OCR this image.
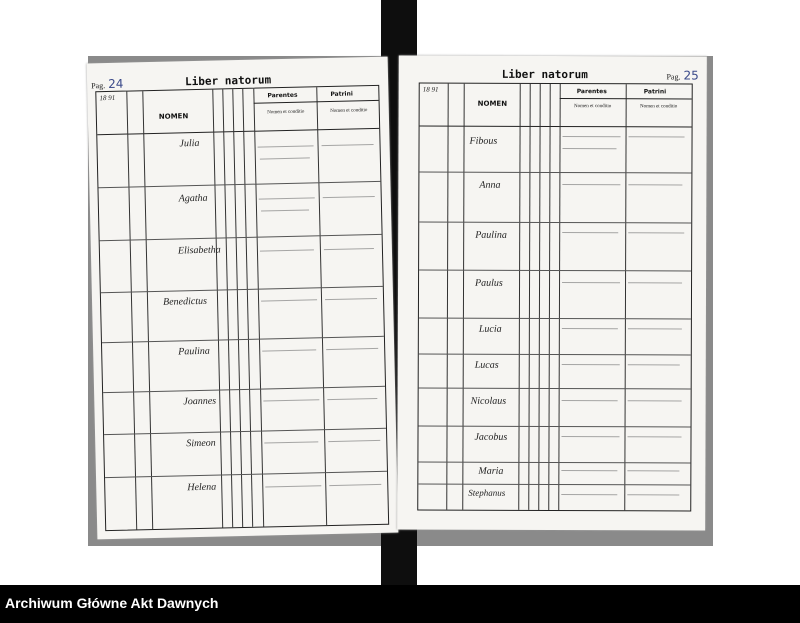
Pag. 24	Liber natorum
18 91
NOMEN
Parentes
Nomen et conditio
Patrini
Nomen et conditio
Julia
Agatha
Elisabetha
Benedictus
Paulina
Joannes
Simeon
Helena
Pag. 25
Liber natorum
18 91
NOMEN
Parentes
Nomen et conditio
Patrini
Nomen et conditio
Fibous
Anna
Paulina
Paulus
Lucia
Lucas
Nicolaus
Jacobus
Maria
Stephanus
Archiwum Główne Akt Dawnych
